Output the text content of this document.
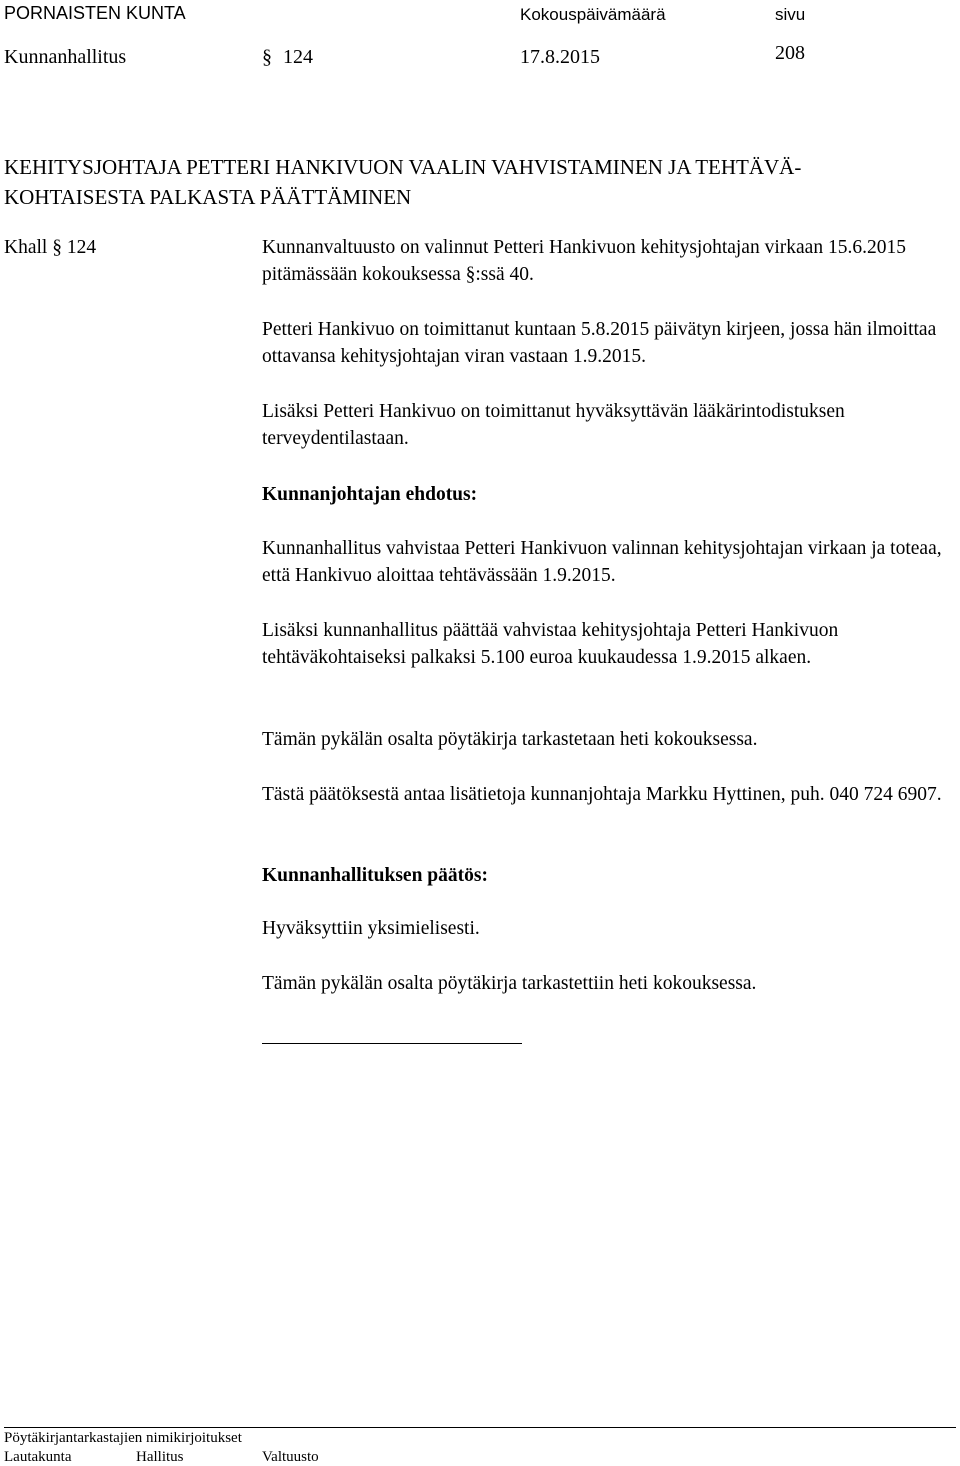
PORNAISTEN KUNTA	Kokouspäivämäärä	sivu
Kunnanhallitus	§ 124	17.8.2015	208
KEHITYSJOHTAJA PETTERI HANKIVUON VAALIN VAHVISTAMINEN JA TEHTÄVÄ-
KOHTAISESTA PALKASTA PÄÄTTÄMINEN
Khall § 124	Kunnanvaltuusto on valinnut Petteri Hankivuon kehitysjohtajan virkaan 15.6.2015 pitämässään kokouksessa §:ssä 40.
Petteri Hankivuo on toimittanut kuntaan 5.8.2015 päivätyn kirjeen, jossa hän ilmoittaa ottavansa kehitysjohtajan viran vastaan 1.9.2015.
Lisäksi Petteri Hankivuo on toimittanut hyväksyttävän lääkärintodistuksen terveydentilastaan.
Kunnanjohtajan ehdotus:
Kunnanhallitus vahvistaa Petteri Hankivuon valinnan kehitysjohtajan virkaan ja toteaa, että Hankivuo aloittaa tehtävässään 1.9.2015.
Lisäksi kunnanhallitus päättää vahvistaa kehitysjohtaja Petteri Hankivuon tehtäväkohtaiseksi palkaksi 5.100 euroa kuukaudessa 1.9.2015 alkaen.
Tämän pykälän osalta pöytäkirja tarkastetaan heti kokouksessa.
Tästä päätöksestä antaa lisätietoja kunnanjohtaja Markku Hyttinen, puh. 040 724 6907.
Kunnanhallituksen päätös:
Hyväksyttiin yksimielisesti.
Tämän pykälän osalta pöytäkirja tarkastettiin heti kokouksessa.
Pöytäkirjantarkastajien nimikirjoitukset
Lautakunta	Hallitus	Valtuusto
